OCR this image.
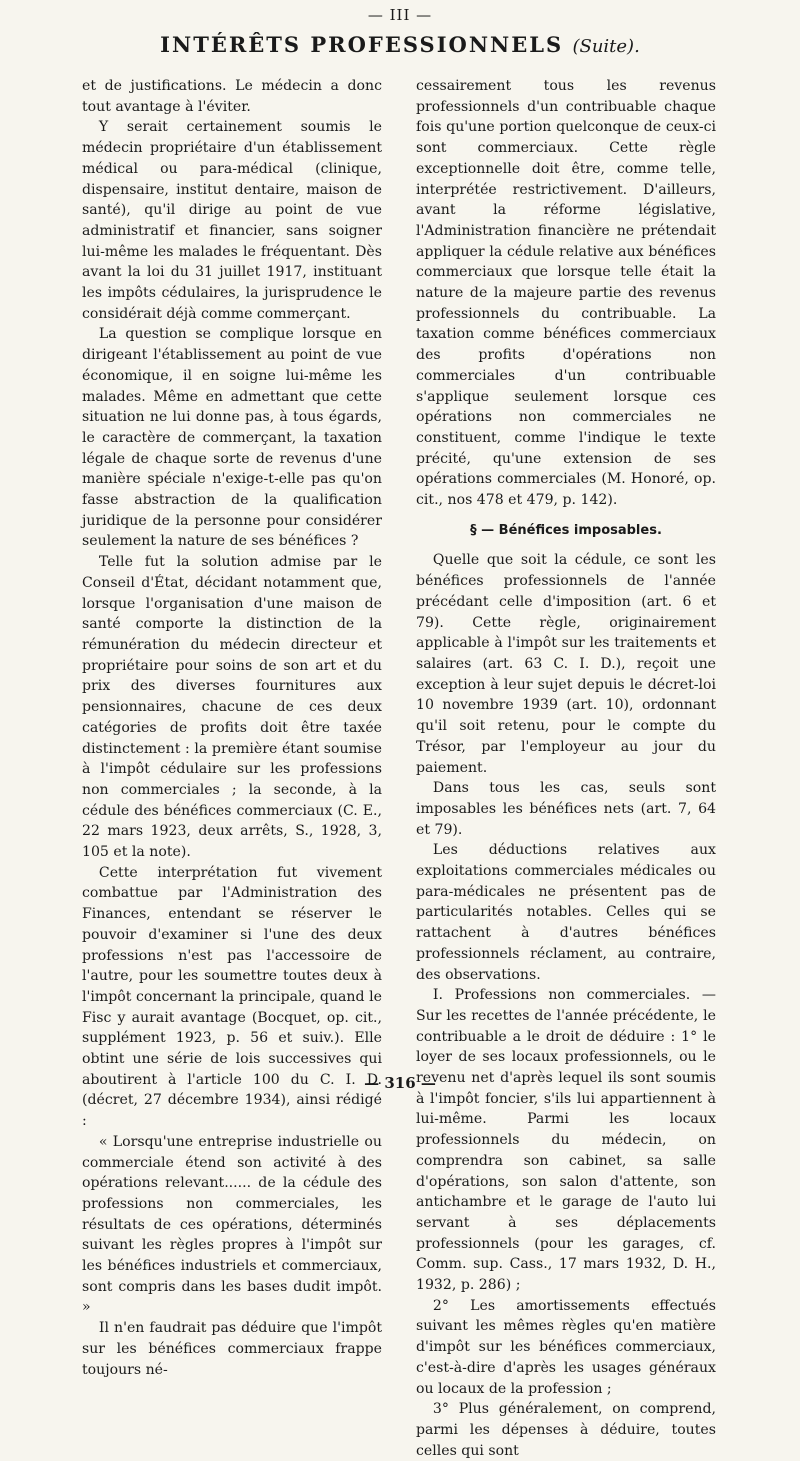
— III —
INTÉRÊTS PROFESSIONNELS (Suite).

et de justifications. Le médecin a donc tout avantage à l'éviter.

Y serait certainement soumis le médecin propriétaire d'un établissement médical ou para-médical (clinique, dispensaire, institut dentaire, maison de santé), qu'il dirige au point de vue administratif et financier, sans soigner lui-même les malades le fréquentant. Dès avant la loi du 31 juillet 1917, instituant les impôts cédulaires, la jurisprudence le considérait déjà comme commerçant.

La question se complique lorsque en dirigeant l'établissement au point de vue économique, il en soigne lui-même les malades. Même en admettant que cette situation ne lui donne pas, à tous égards, le caractère de commerçant, la taxation légale de chaque sorte de revenus d'une manière spéciale n'exige-t-elle pas qu'on fasse abstraction de la qualification juridique de la personne pour considérer seulement la nature de ses bénéfices ?

Telle fut la solution admise par le Conseil d'État, décidant notamment que, lorsque l'organisation d'une maison de santé comporte la distinction de la rémunération du médecin directeur et propriétaire pour soins de son art et du prix des diverses fournitures aux pensionnaires, chacune de ces deux catégories de profits doit être taxée distinctement : la première étant soumise à l'impôt cédulaire sur les professions non commerciales ; la seconde, à la cédule des bénéfices commerciaux (C. E., 22 mars 1923, deux arrêts, S., 1928, 3, 105 et la note).

Cette interprétation fut vivement combattue par l'Administration des Finances, entendant se réserver le pouvoir d'examiner si l'une des deux professions n'est pas l'accessoire de l'autre, pour les soumettre toutes deux à l'impôt concernant la principale, quand le Fisc y aurait avantage (Bocquet, op. cit., supplément 1923, p. 56 et suiv.). Elle obtint une série de lois successives qui aboutirent à l'article 100 du C. I. D. (décret, 27 décembre 1934), ainsi rédigé :

« Lorsqu'une entreprise industrielle ou commerciale étend son activité à des opérations relevant...... de la cédule des professions non commerciales, les résultats de ces opérations, déterminés suivant les règles propres à l'impôt sur les bénéfices industriels et commerciaux, sont compris dans les bases dudit impôt. »

Il n'en faudrait pas déduire que l'impôt sur les bénéfices commerciaux frappe toujours né-

cessairement tous les revenus professionnels d'un contribuable chaque fois qu'une portion quelconque de ceux-ci sont commerciaux. Cette règle exceptionnelle doit être, comme telle, interprétée restrictivement. D'ailleurs, avant la réforme législative, l'Administration financière ne prétendait appliquer la cédule relative aux bénéfices commerciaux que lorsque telle était la nature de la majeure partie des revenus professionnels du contribuable. La taxation comme bénéfices commerciaux des profits d'opérations non commerciales d'un contribuable s'applique seulement lorsque ces opérations non commerciales ne constituent, comme l'indique le texte précité, qu'une extension de ses opérations commerciales (M. Honoré, op. cit., nos 478 et 479, p. 142).

§ — Bénéfices imposables.

Quelle que soit la cédule, ce sont les bénéfices professionnels de l'année précédant celle d'imposition (art. 6 et 79). Cette règle, originairement applicable à l'impôt sur les traitements et salaires (art. 63 C. I. D.), reçoit une exception à leur sujet depuis le décret-loi 10 novembre 1939 (art. 10), ordonnant qu'il soit retenu, pour le compte du Trésor, par l'employeur au jour du paiement.

Dans tous les cas, seuls sont imposables les bénéfices nets (art. 7, 64 et 79).

Les déductions relatives aux exploitations commerciales médicales ou para-médicales ne présentent pas de particularités notables. Celles qui se rattachent à d'autres bénéfices professionnels réclament, au contraire, des observations.

I. Professions non commerciales. — Sur les recettes de l'année précédente, le contribuable a le droit de déduire : 1° le loyer de ses locaux professionnels, ou le revenu net d'après lequel ils sont soumis à l'impôt foncier, s'ils lui appartiennent à lui-même. Parmi les locaux professionnels du médecin, on comprendra son cabinet, sa salle d'opérations, son salon d'attente, son antichambre et le garage de l'auto lui servant à ses déplacements professionnels (pour les garages, cf. Comm. sup. Cass., 17 mars 1932, D. H., 1932, p. 286) ;

2° Les amortissements effectués suivant les mêmes règles qu'en matière d'impôt sur les bénéfices commerciaux, c'est-à-dire d'après les usages généraux ou locaux de la profession ;

3° Plus généralement, on comprend, parmi les dépenses à déduire, toutes celles qui sont

— 316 —
